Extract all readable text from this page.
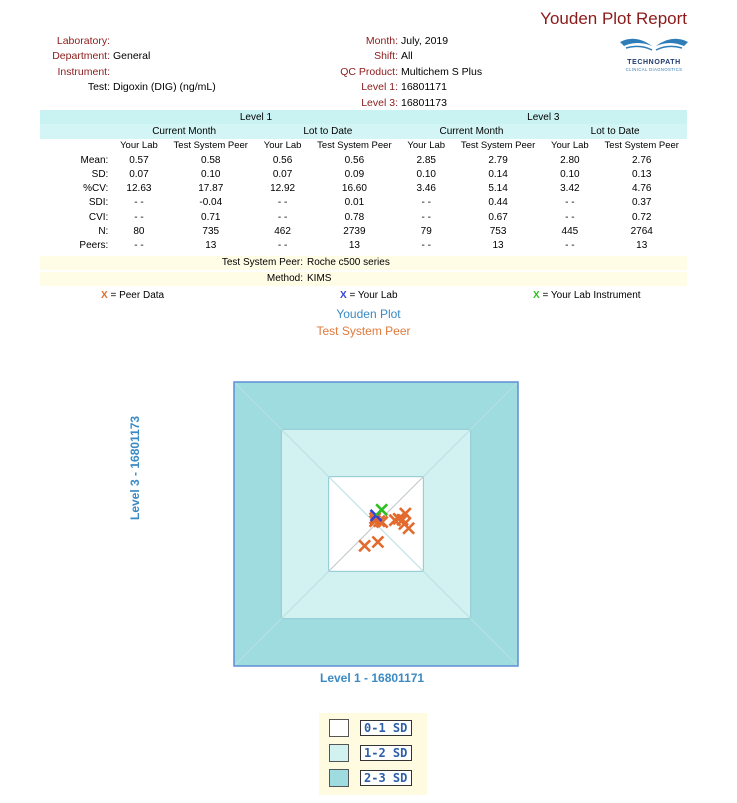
Youden Plot Report
TECHNOPATH
CLINICAL DIAGNOSTICS
Laboratory:
Department: General
Instrument:
Test: Digoxin (DIG) (ng/mL)
Month: July, 2019
Shift: All
QC Product: Multichem S Plus
Level 1: 16801171
Level 3: 16801173
	Level 1				Level 3			
	Current Month		Lot to Date		Current Month		Lot to Date	
	Your Lab	Test System Peer	Your Lab	Test System Peer	Your Lab	Test System Peer	Your Lab	Test System Peer
Mean:	0.57	0.58	0.56	0.56	2.85	2.79	2.80	2.76
SD:	0.07	0.10	0.07	0.09	0.10	0.14	0.10	0.13
%CV:	12.63	17.87	12.92	16.60	3.46	5.14	3.42	4.76
SDI:	- -	-0.04	- -	0.01	- -	0.44	- -	0.37
CVI:	- -	0.71	- -	0.78	- -	0.67	- -	0.72
N:	80	735	462	2739	79	753	445	2764
Peers:	- -	13	- -	13	- -	13	- -	13
Test System Peer: Roche c500 series
Method: KIMS
X = Peer Data	X = Your Lab	X = Your Lab Instrument
Youden Plot
Test System Peer
Level 3 - 16801173
Level 1 - 16801171
0-1 SD
1-2 SD
2-3 SD
